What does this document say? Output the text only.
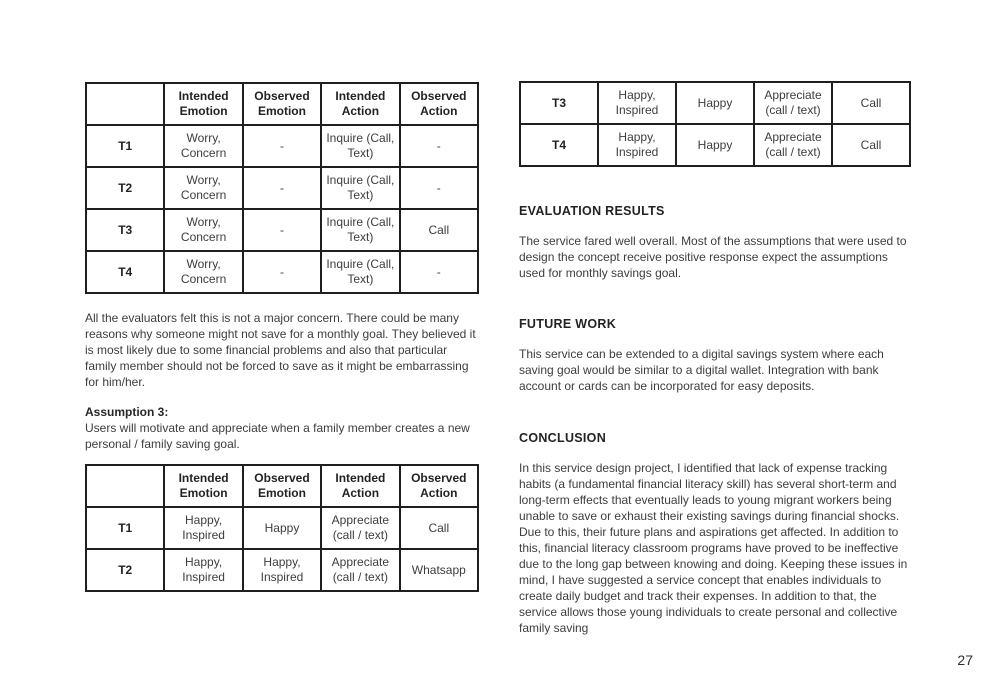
	Intended Emotion	Observed Emotion	Intended Action	Observed Action
T1	Worry, Concern	-	Inquire (Call, Text)	-
T2	Worry, Concern	-	Inquire (Call, Text)	-
T3	Worry, Concern	-	Inquire (Call, Text)	Call
T4	Worry, Concern	-	Inquire (Call, Text)	-

All the evaluators felt this is not a major concern. There could be many reasons why someone might not save for a monthly goal. They believed it is most likely due to some financial problems and also that particular family member should not be forced to save as it might be embarrassing for him/her.

Assumption 3:

Users will motivate and appreciate when a family member creates a new personal / family saving goal.

	Intended Emotion	Observed Emotion	Intended Action	Observed Action
T1	Happy, Inspired	Happy	Appreciate (call / text)	Call
T2	Happy, Inspired	Happy, Inspired	Appreciate (call / text)	Whatsapp
T3	Happy, Inspired	Happy	Appreciate (call / text)	Call
T4	Happy, Inspired	Happy	Appreciate (call / text)	Call

EVALUATION RESULTS

The service fared well overall. Most of the assumptions that were used to design the concept receive positive response expect the assumptions used for monthly savings goal.

FUTURE WORK

This service can be extended to a digital savings system where each saving goal would be similar to a digital wallet. Integration with bank account or cards can be incorporated for easy deposits.

CONCLUSION

In this service design project, I identified that lack of expense tracking habits (a fundamental financial literacy skill) has several short-term and long-term effects that eventually leads to young migrant workers being unable to save or exhaust their existing savings during financial shocks. Due to this, their future plans and aspirations get affected. In addition to this, financial literacy classroom programs have proved to be ineffective due to the long gap between knowing and doing. Keeping these issues in mind, I have suggested a service concept that enables individuals to create daily budget and track their expenses. In addition to that, the service allows those young individuals to create personal and collective family saving

27
